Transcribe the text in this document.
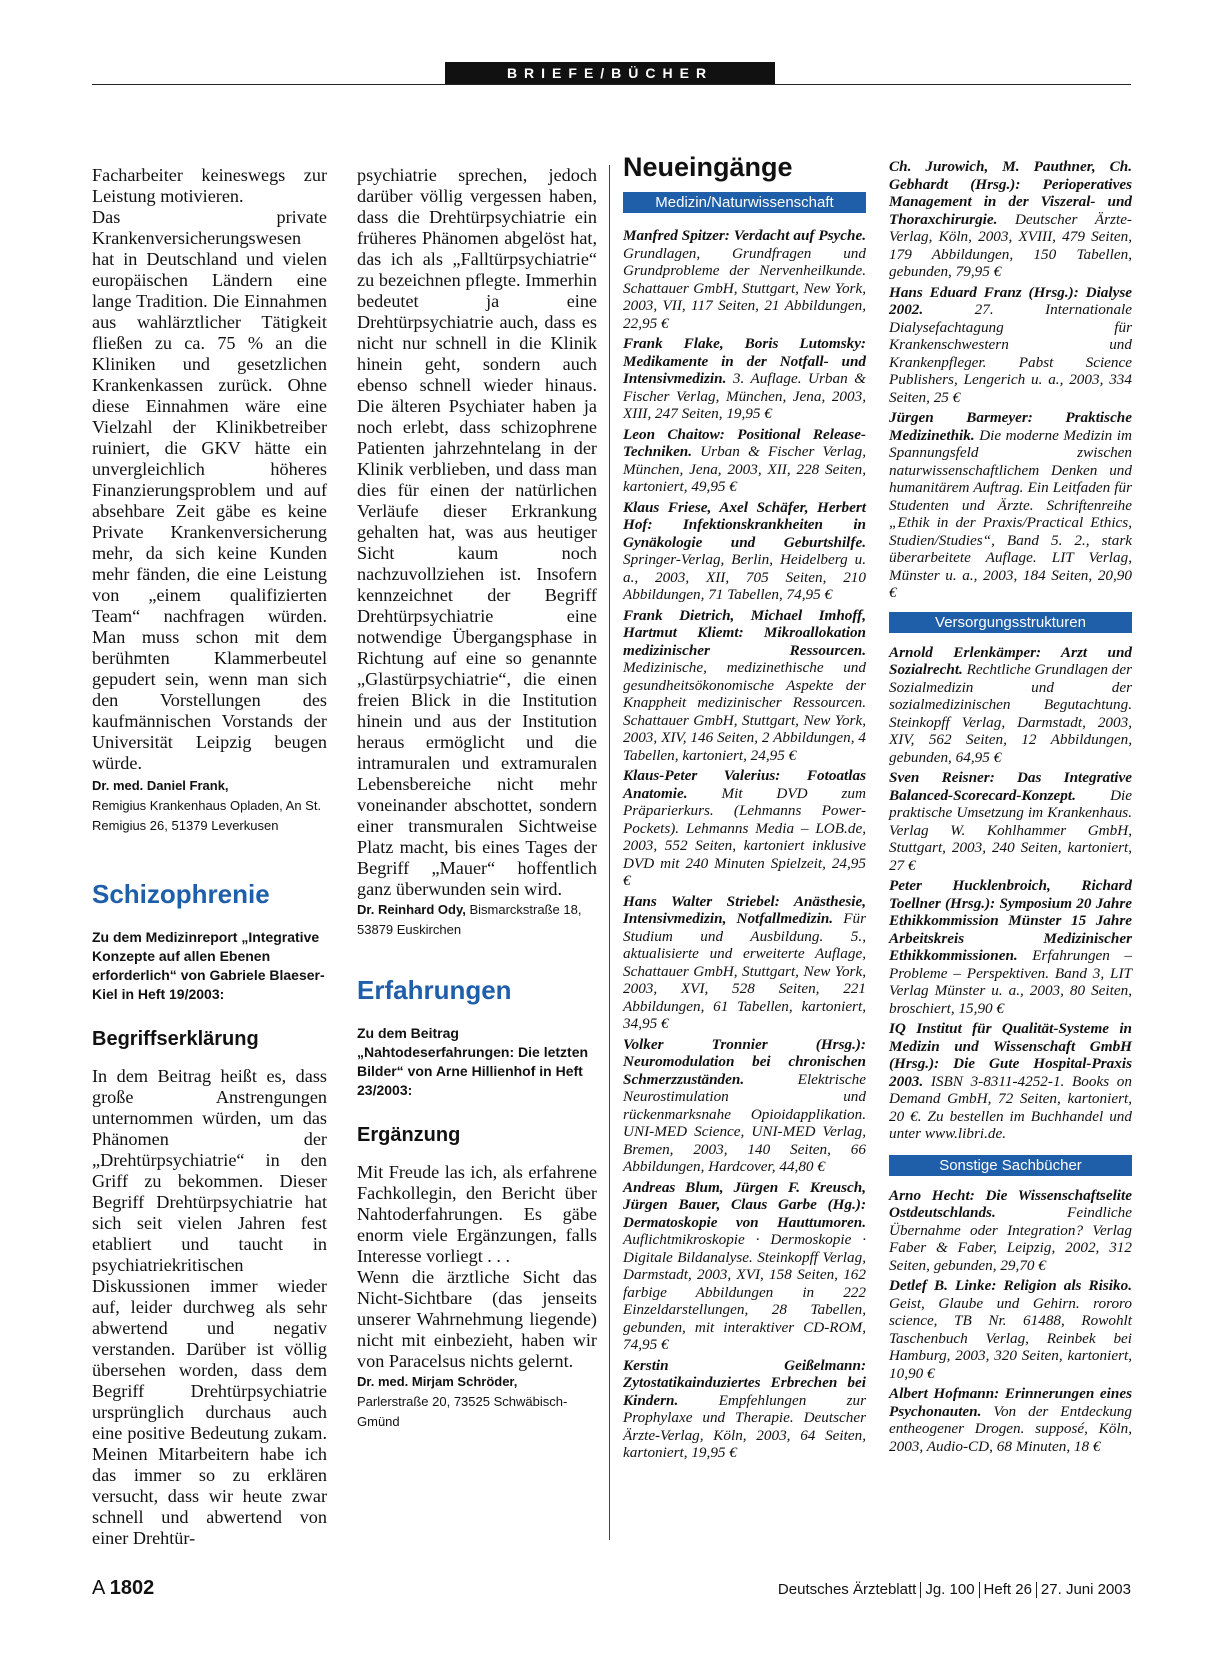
BRIEFE/BÜCHER

Facharbeiter keineswegs zur Leistung motivieren.

Das private Krankenversicherungswesen hat in Deutschland und vielen europäischen Ländern eine lange Tradition. Die Einnahmen aus wahlärztlicher Tätigkeit fließen zu ca. 75 % an die Kliniken und gesetzlichen Krankenkassen zurück. Ohne diese Einnahmen wäre eine Vielzahl der Klinikbetreiber ruiniert, die GKV hätte ein unvergleichlich höheres Finanzierungsproblem und auf absehbare Zeit gäbe es keine Private Krankenversicherung mehr, da sich keine Kunden mehr fänden, die eine Leistung von „einem qualifizierten Team“ nachfragen würden. Man muss schon mit dem berühmten Klammerbeutel gepudert sein, wenn man sich den Vorstellungen des kaufmännischen Vorstands der Universität Leipzig beugen würde.

Dr. med. Daniel Frank,
Remigius Krankenhaus Opladen, An St. Remigius 26, 51379 Leverkusen

Schizophrenie

Zu dem Medizinreport „Integrative Konzepte auf allen Ebenen erforderlich“ von Gabriele Blaeser-Kiel in Heft 19/2003:

Begriffserklärung

In dem Beitrag heißt es, dass große Anstrengungen unternommen würden, um das Phänomen der „Drehtürpsychiatrie“ in den Griff zu bekommen. Dieser Begriff Drehtürpsychiatrie hat sich seit vielen Jahren fest etabliert und taucht in psychiatriekritischen Diskussionen immer wieder auf, leider durchweg als sehr abwertend und negativ verstanden. Darüber ist völlig übersehen worden, dass dem Begriff Drehtürpsychiatrie ursprünglich durchaus auch eine positive Bedeutung zukam. Meinen Mitarbeitern habe ich das immer so zu erklären versucht, dass wir heute zwar schnell und abwertend von einer Drehtür-

psychiatrie sprechen, jedoch darüber völlig vergessen haben, dass die Drehtürpsychiatrie ein früheres Phänomen abgelöst hat, das ich als „Falltürpsychiatrie“ zu bezeichnen pflegte. Immerhin bedeutet ja eine Drehtürpsychiatrie auch, dass es nicht nur schnell in die Klinik hinein geht, sondern auch ebenso schnell wieder hinaus. Die älteren Psychiater haben ja noch erlebt, dass schizophrene Patienten jahrzehntelang in der Klinik verblieben, und dass man dies für einen der natürlichen Verläufe dieser Erkrankung gehalten hat, was aus heutiger Sicht kaum noch nachzuvollziehen ist. Insofern kennzeichnet der Begriff Drehtürpsychiatrie eine notwendige Übergangsphase in Richtung auf eine so genannte „Glastürpsychiatrie“, die einen freien Blick in die Institution hinein und aus der Institution heraus ermöglicht und die intramuralen und extramuralen Lebensbereiche nicht mehr voneinander abschottet, sondern einer transmuralen Sichtweise Platz macht, bis eines Tages der Begriff „Mauer“ hoffentlich ganz überwunden sein wird.

Dr. Reinhard Ody, Bismarckstraße 18, 53879 Euskirchen

Erfahrungen

Zu dem Beitrag „Nahtodeserfahrungen: Die letzten Bilder“ von Arne Hillienhof in Heft 23/2003:

Ergänzung

Mit Freude las ich, als erfahrene Fachkollegin, den Bericht über Nahtoderfahrungen. Es gäbe enorm viele Ergänzungen, falls Interesse vorliegt . . .

Wenn die ärztliche Sicht das Nicht-Sichtbare (das jenseits unserer Wahrnehmung liegende) nicht mit einbezieht, haben wir von Paracelsus nichts gelernt.

Dr. med. Mirjam Schröder,
Parlerstraße 20, 73525 Schwäbisch-Gmünd

Neueingänge
Medizin/Naturwissenschaft

Manfred Spitzer: Verdacht auf Psyche. Grundlagen, Grundfragen und Grundprobleme der Nervenheilkunde. Schattauer GmbH, Stuttgart, New York, 2003, VII, 117 Seiten, 21 Abbildungen, 22,95 €

Frank Flake, Boris Lutomsky: Medikamente in der Notfall- und Intensivmedizin. 3. Auflage. Urban & Fischer Verlag, München, Jena, 2003, XIII, 247 Seiten, 19,95 €

Leon Chaitow: Positional Release-Techniken. Urban & Fischer Verlag, München, Jena, 2003, XII, 228 Seiten, kartoniert, 49,95 €

Klaus Friese, Axel Schäfer, Herbert Hof: Infektionskrankheiten in Gynäkologie und Geburtshilfe. Springer-Verlag, Berlin, Heidelberg u. a., 2003, XII, 705 Seiten, 210 Abbildungen, 71 Tabellen, 74,95 €

Frank Dietrich, Michael Imhoff, Hartmut Kliemt: Mikroallokation medizinischer Ressourcen. Medizinische, medizinethische und gesundheitsökonomische Aspekte der Knappheit medizinischer Ressourcen. Schattauer GmbH, Stuttgart, New York, 2003, XIV, 146 Seiten, 2 Abbildungen, 4 Tabellen, kartoniert, 24,95 €

Klaus-Peter Valerius: Fotoatlas Anatomie. Mit DVD zum Präparierkurs. (Lehmanns Power-Pockets). Lehmanns Media – LOB.de, 2003, 552 Seiten, kartoniert inklusive DVD mit 240 Minuten Spielzeit, 24,95 €

Hans Walter Striebel: Anästhesie, Intensivmedizin, Notfallmedizin. Für Studium und Ausbildung. 5., aktualisierte und erweiterte Auflage, Schattauer GmbH, Stuttgart, New York, 2003, XVI, 528 Seiten, 221 Abbildungen, 61 Tabellen, kartoniert, 34,95 €

Volker Tronnier (Hrsg.): Neuromodulation bei chronischen Schmerzzuständen. Elektrische Neurostimulation und rückenmarksnahe Opioidapplikation. UNI-MED Science, UNI-MED Verlag, Bremen, 2003, 140 Seiten, 66 Abbildungen, Hardcover, 44,80 €

Andreas Blum, Jürgen F. Kreusch, Jürgen Bauer, Claus Garbe (Hg.): Dermatoskopie von Hauttumoren. Auflichtmikroskopie · Dermoskopie · Digitale Bildanalyse. Steinkopff Verlag, Darmstadt, 2003, XVI, 158 Seiten, 162 farbige Abbildungen in 222 Einzeldarstellungen, 28 Tabellen, gebunden, mit interaktiver CD-ROM, 74,95 €

Kerstin Geißelmann: Zytostatikainduziertes Erbrechen bei Kindern. Empfehlungen zur Prophylaxe und Therapie. Deutscher Ärzte-Verlag, Köln, 2003, 64 Seiten, kartoniert, 19,95 €

Ch. Jurowich, M. Pauthner, Ch. Gebhardt (Hrsg.): Perioperatives Management in der Viszeral- und Thoraxchirurgie. Deutscher Ärzte-Verlag, Köln, 2003, XVIII, 479 Seiten, 179 Abbildungen, 150 Tabellen, gebunden, 79,95 €

Hans Eduard Franz (Hrsg.): Dialyse 2002. 27. Internationale Dialysefachtagung für Krankenschwestern und Krankenpfleger. Pabst Science Publishers, Lengerich u. a., 2003, 334 Seiten, 25 €

Jürgen Barmeyer: Praktische Medizinethik. Die moderne Medizin im Spannungsfeld zwischen naturwissenschaftlichem Denken und humanitärem Auftrag. Ein Leitfaden für Studenten und Ärzte. Schriftenreihe „Ethik in der Praxis/Practical Ethics, Studien/Studies“, Band 5. 2., stark überarbeitete Auflage. LIT Verlag, Münster u. a., 2003, 184 Seiten, 20,90 €

Versorgungsstrukturen

Arnold Erlenkämper: Arzt und Sozialrecht. Rechtliche Grundlagen der Sozialmedizin und der sozialmedizinischen Begutachtung. Steinkopff Verlag, Darmstadt, 2003, XIV, 562 Seiten, 12 Abbildungen, gebunden, 64,95 €

Sven Reisner: Das Integrative Balanced-Scorecard-Konzept. Die praktische Umsetzung im Krankenhaus. Verlag W. Kohlhammer GmbH, Stuttgart, 2003, 240 Seiten, kartoniert, 27 €

Peter Hucklenbroich, Richard Toellner (Hrsg.): Symposium 20 Jahre Ethikkommission Münster 15 Jahre Arbeitskreis Medizinischer Ethikkommissionen. Erfahrungen – Probleme – Perspektiven. Band 3, LIT Verlag Münster u. a., 2003, 80 Seiten, broschiert, 15,90 €

IQ Institut für Qualität-Systeme in Medizin und Wissenschaft GmbH (Hrsg.): Die Gute Hospital-Praxis 2003. ISBN 3-8311-4252-1. Books on Demand GmbH, 72 Seiten, kartoniert, 20 €. Zu bestellen im Buchhandel und unter www.libri.de.

Sonstige Sachbücher

Arno Hecht: Die Wissenschaftselite Ostdeutschlands. Feindliche Übernahme oder Integration? Verlag Faber & Faber, Leipzig, 2002, 312 Seiten, gebunden, 29,70 €

Detlef B. Linke: Religion als Risiko. Geist, Glaube und Gehirn. rororo science, TB Nr. 61488, Rowohlt Taschenbuch Verlag, Reinbek bei Hamburg, 2003, 320 Seiten, kartoniert, 10,90 €

Albert Hofmann: Erinnerungen eines Psychonauten. Von der Entdeckung entheogener Drogen. supposé, Köln, 2003, Audio-CD, 68 Minuten, 18 €

A 1802	Deutsches Ärzteblatt Jg. 100 Heft 26 27. Juni 2003
